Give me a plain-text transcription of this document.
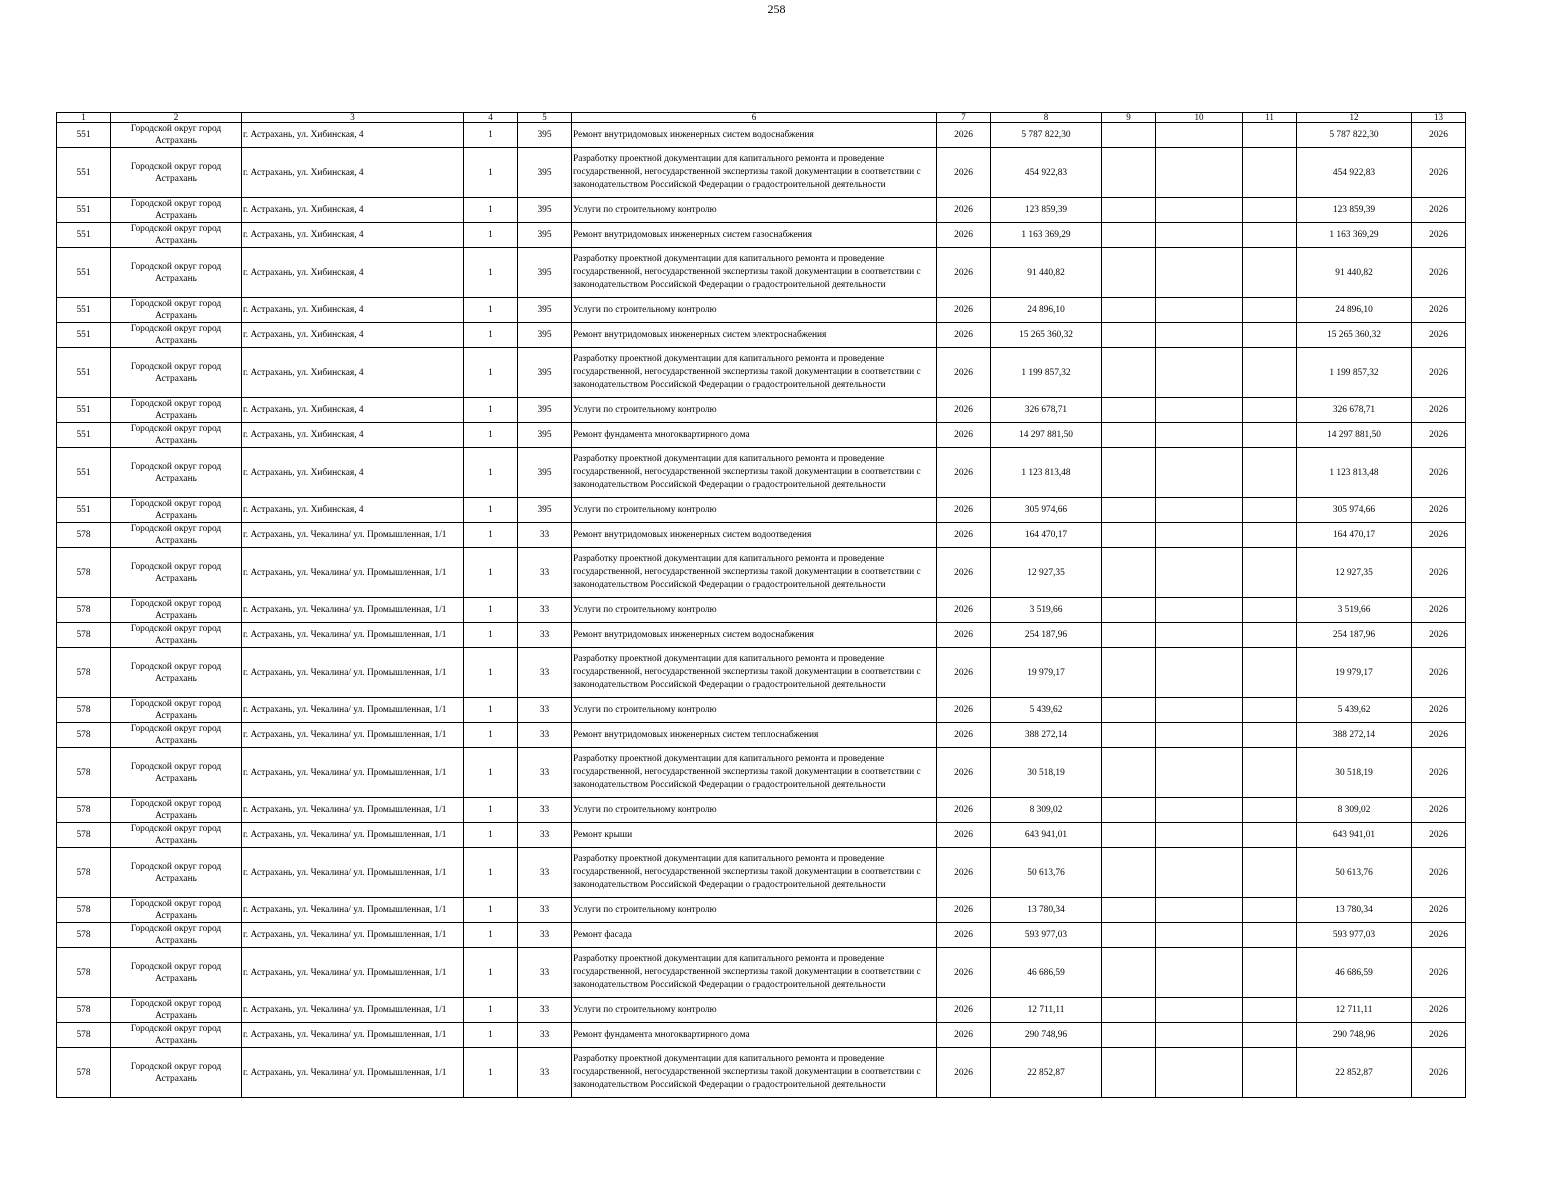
258
1	2	3	4	5	6	7	8	9	10	11	12	13
551	Городской округ город Астрахань	г. Астрахань, ул. Хибинская, 4	1	395	Ремонт внутридомовых инженерных систем водоснабжения	2026	5 787 822,30				5 787 822,30	2026
551	Городской округ город Астрахань	г. Астрахань, ул. Хибинская, 4	1	395	Разработку проектной документации для капитального ремонта и проведение государственной, негосударственной экспертизы такой документации в соответствии с законодательством Российской Федерации о градостроительной деятельности	2026	454 922,83				454 922,83	2026
551	Городской округ город Астрахань	г. Астрахань, ул. Хибинская, 4	1	395	Услуги по строительному контролю	2026	123 859,39				123 859,39	2026
551	Городской округ город Астрахань	г. Астрахань, ул. Хибинская, 4	1	395	Ремонт внутридомовых инженерных систем газоснабжения	2026	1 163 369,29				1 163 369,29	2026
551	Городской округ город Астрахань	г. Астрахань, ул. Хибинская, 4	1	395	Разработку проектной документации для капитального ремонта и проведение государственной, негосударственной экспертизы такой документации в соответствии с законодательством Российской Федерации о градостроительной деятельности	2026	91 440,82				91 440,82	2026
551	Городской округ город Астрахань	г. Астрахань, ул. Хибинская, 4	1	395	Услуги по строительному контролю	2026	24 896,10				24 896,10	2026
551	Городской округ город Астрахань	г. Астрахань, ул. Хибинская, 4	1	395	Ремонт внутридомовых инженерных систем электроснабжения	2026	15 265 360,32				15 265 360,32	2026
551	Городской округ город Астрахань	г. Астрахань, ул. Хибинская, 4	1	395	Разработку проектной документации для капитального ремонта и проведение государственной, негосударственной экспертизы такой документации в соответствии с законодательством Российской Федерации о градостроительной деятельности	2026	1 199 857,32				1 199 857,32	2026
551	Городской округ город Астрахань	г. Астрахань, ул. Хибинская, 4	1	395	Услуги по строительному контролю	2026	326 678,71				326 678,71	2026
551	Городской округ город Астрахань	г. Астрахань, ул. Хибинская, 4	1	395	Ремонт фундамента многоквартирного дома	2026	14 297 881,50				14 297 881,50	2026
551	Городской округ город Астрахань	г. Астрахань, ул. Хибинская, 4	1	395	Разработку проектной документации для капитального ремонта и проведение государственной, негосударственной экспертизы такой документации в соответствии с законодательством Российской Федерации о градостроительной деятельности	2026	1 123 813,48				1 123 813,48	2026
551	Городской округ город Астрахань	г. Астрахань, ул. Хибинская, 4	1	395	Услуги по строительному контролю	2026	305 974,66				305 974,66	2026
578	Городской округ город Астрахань	г. Астрахань, ул. Чекалина/ ул. Промышленная, 1/1	1	33	Ремонт внутридомовых инженерных систем водоотведения	2026	164 470,17				164 470,17	2026
578	Городской округ город Астрахань	г. Астрахань, ул. Чекалина/ ул. Промышленная, 1/1	1	33	Разработку проектной документации для капитального ремонта и проведение государственной, негосударственной экспертизы такой документации в соответствии с законодательством Российской Федерации о градостроительной деятельности	2026	12 927,35				12 927,35	2026
578	Городской округ город Астрахань	г. Астрахань, ул. Чекалина/ ул. Промышленная, 1/1	1	33	Услуги по строительному контролю	2026	3 519,66				3 519,66	2026
578	Городской округ город Астрахань	г. Астрахань, ул. Чекалина/ ул. Промышленная, 1/1	1	33	Ремонт внутридомовых инженерных систем водоснабжения	2026	254 187,96				254 187,96	2026
578	Городской округ город Астрахань	г. Астрахань, ул. Чекалина/ ул. Промышленная, 1/1	1	33	Разработку проектной документации для капитального ремонта и проведение государственной, негосударственной экспертизы такой документации в соответствии с законодательством Российской Федерации о градостроительной деятельности	2026	19 979,17				19 979,17	2026
578	Городской округ город Астрахань	г. Астрахань, ул. Чекалина/ ул. Промышленная, 1/1	1	33	Услуги по строительному контролю	2026	5 439,62				5 439,62	2026
578	Городской округ город Астрахань	г. Астрахань, ул. Чекалина/ ул. Промышленная, 1/1	1	33	Ремонт внутридомовых инженерных систем теплоснабжения	2026	388 272,14				388 272,14	2026
578	Городской округ город Астрахань	г. Астрахань, ул. Чекалина/ ул. Промышленная, 1/1	1	33	Разработку проектной документации для капитального ремонта и проведение государственной, негосударственной экспертизы такой документации в соответствии с законодательством Российской Федерации о градостроительной деятельности	2026	30 518,19				30 518,19	2026
578	Городской округ город Астрахань	г. Астрахань, ул. Чекалина/ ул. Промышленная, 1/1	1	33	Услуги по строительному контролю	2026	8 309,02				8 309,02	2026
578	Городской округ город Астрахань	г. Астрахань, ул. Чекалина/ ул. Промышленная, 1/1	1	33	Ремонт крыши	2026	643 941,01				643 941,01	2026
578	Городской округ город Астрахань	г. Астрахань, ул. Чекалина/ ул. Промышленная, 1/1	1	33	Разработку проектной документации для капитального ремонта и проведение государственной, негосударственной экспертизы такой документации в соответствии с законодательством Российской Федерации о градостроительной деятельности	2026	50 613,76				50 613,76	2026
578	Городской округ город Астрахань	г. Астрахань, ул. Чекалина/ ул. Промышленная, 1/1	1	33	Услуги по строительному контролю	2026	13 780,34				13 780,34	2026
578	Городской округ город Астрахань	г. Астрахань, ул. Чекалина/ ул. Промышленная, 1/1	1	33	Ремонт фасада	2026	593 977,03				593 977,03	2026
578	Городской округ город Астрахань	г. Астрахань, ул. Чекалина/ ул. Промышленная, 1/1	1	33	Разработку проектной документации для капитального ремонта и проведение государственной, негосударственной экспертизы такой документации в соответствии с законодательством Российской Федерации о градостроительной деятельности	2026	46 686,59				46 686,59	2026
578	Городской округ город Астрахань	г. Астрахань, ул. Чекалина/ ул. Промышленная, 1/1	1	33	Услуги по строительному контролю	2026	12 711,11				12 711,11	2026
578	Городской округ город Астрахань	г. Астрахань, ул. Чекалина/ ул. Промышленная, 1/1	1	33	Ремонт фундамента многоквартирного дома	2026	290 748,96				290 748,96	2026
578	Городской округ город Астрахань	г. Астрахань, ул. Чекалина/ ул. Промышленная, 1/1	1	33	Разработку проектной документации для капитального ремонта и проведение государственной, негосударственной экспертизы такой документации в соответствии с законодательством Российской Федерации о градостроительной деятельности	2026	22 852,87				22 852,87	2026
